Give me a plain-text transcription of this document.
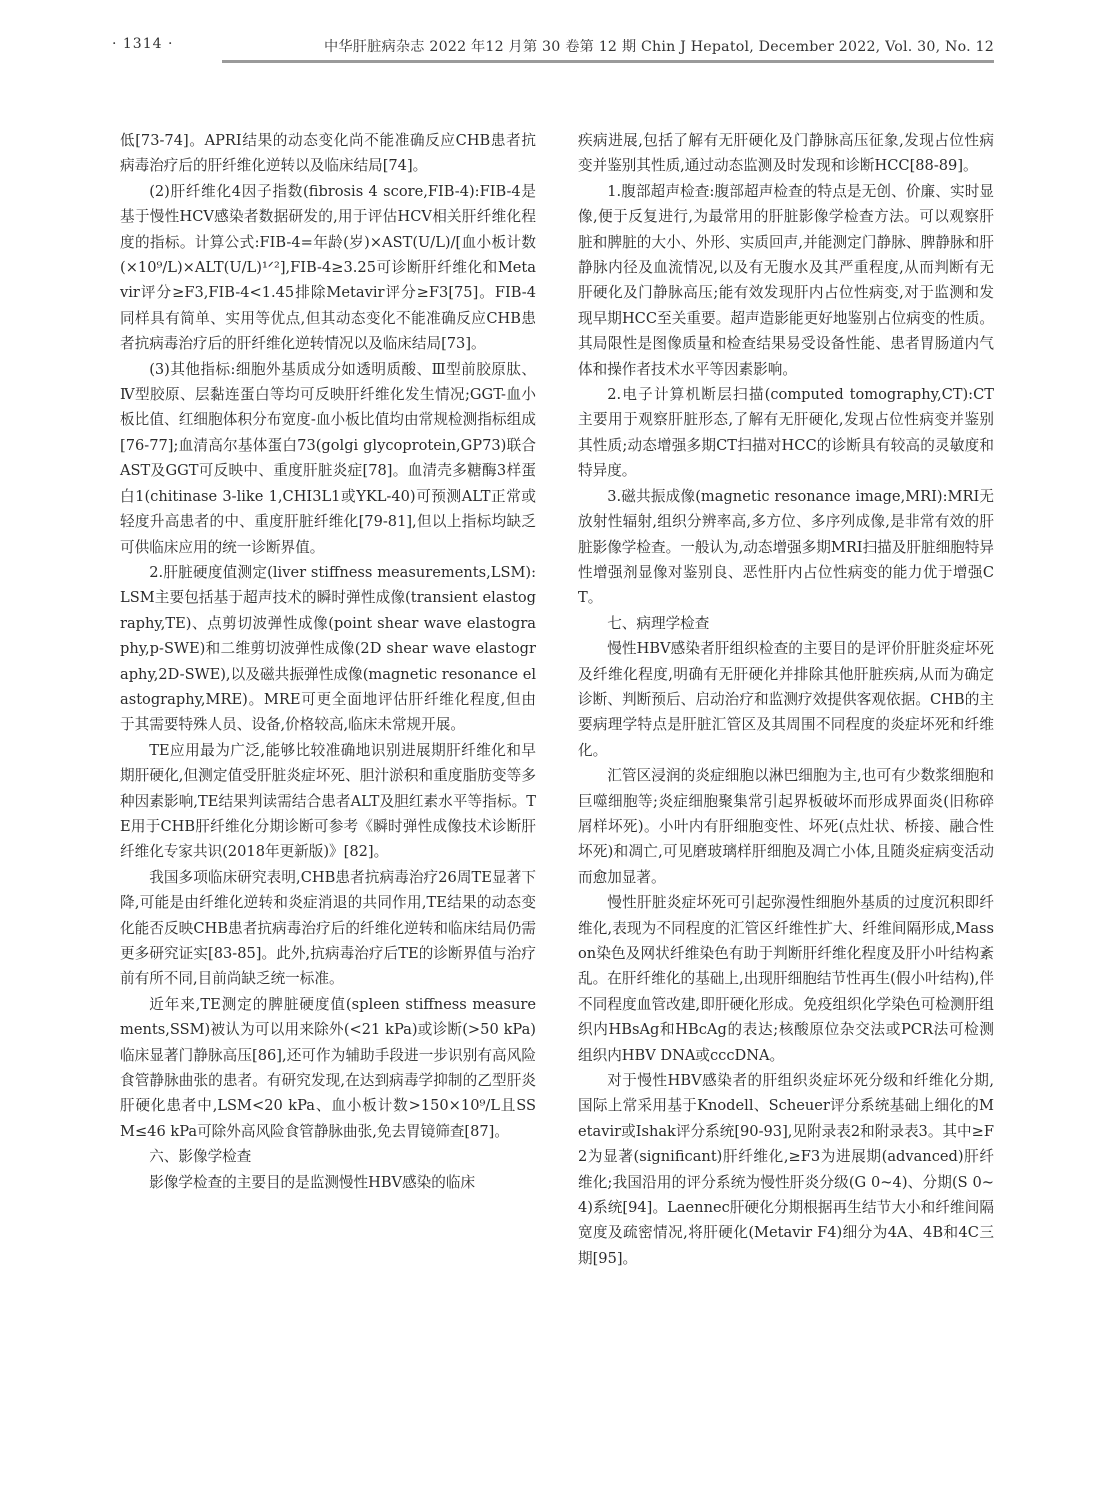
· 1314 ·	中华肝脏病杂志 2022 年12 月第 30 卷第 12 期 Chin J Hepatol, December 2022, Vol. 30, No. 12

低[73-74]。APRI结果的动态变化尚不能准确反应CHB患者抗病毒治疗后的肝纤维化逆转以及临床结局[74]。

(2)肝纤维化4因子指数(fibrosis 4 score,FIB-4):FIB-4是基于慢性HCV感染者数据研发的,用于评估HCV相关肝纤维化程度的指标。计算公式:FIB-4=年龄(岁)×AST(U/L)/[血小板计数(×10⁹/L)×ALT(U/L)¹ᐟ²],FIB-4≥3.25可诊断肝纤维化和Metavir评分≥F3,FIB-4<1.45排除Metavir评分≥F3[75]。FIB-4同样具有简单、实用等优点,但其动态变化不能准确反应CHB患者抗病毒治疗后的肝纤维化逆转情况以及临床结局[73]。

(3)其他指标:细胞外基质成分如透明质酸、Ⅲ型前胶原肽、Ⅳ型胶原、层黏连蛋白等均可反映肝纤维化发生情况;GGT-血小板比值、红细胞体积分布宽度-血小板比值均由常规检测指标组成[76-77];血清高尔基体蛋白73(golgi glycoprotein,GP73)联合AST及GGT可反映中、重度肝脏炎症[78]。血清壳多糖酶3样蛋白1(chitinase 3-like 1,CHI3L1或YKL-40)可预测ALT正常或轻度升高患者的中、重度肝脏纤维化[79-81],但以上指标均缺乏可供临床应用的统一诊断界值。

2.肝脏硬度值测定(liver stiffness measurements,LSM):LSM主要包括基于超声技术的瞬时弹性成像(transient elastography,TE)、点剪切波弹性成像(point shear wave elastography,p-SWE)和二维剪切波弹性成像(2D shear wave elastography,2D-SWE),以及磁共振弹性成像(magnetic resonance elastography,MRE)。MRE可更全面地评估肝纤维化程度,但由于其需要特殊人员、设备,价格较高,临床未常规开展。

TE应用最为广泛,能够比较准确地识别进展期肝纤维化和早期肝硬化,但测定值受肝脏炎症坏死、胆汁淤积和重度脂肪变等多种因素影响,TE结果判读需结合患者ALT及胆红素水平等指标。TE用于CHB肝纤维化分期诊断可参考《瞬时弹性成像技术诊断肝纤维化专家共识(2018年更新版)》[82]。

我国多项临床研究表明,CHB患者抗病毒治疗26周TE显著下降,可能是由纤维化逆转和炎症消退的共同作用,TE结果的动态变化能否反映CHB患者抗病毒治疗后的纤维化逆转和临床结局仍需更多研究证实[83-85]。此外,抗病毒治疗后TE的诊断界值与治疗前有所不同,目前尚缺乏统一标准。

近年来,TE测定的脾脏硬度值(spleen stiffness measurements,SSM)被认为可以用来除外(<21 kPa)或诊断(>50 kPa)临床显著门静脉高压[86],还可作为辅助手段进一步识别有高风险食管静脉曲张的患者。有研究发现,在达到病毒学抑制的乙型肝炎肝硬化患者中,LSM<20 kPa、血小板计数>150×10⁹/L且SSM≤46 kPa可除外高风险食管静脉曲张,免去胃镜筛查[87]。

六、影像学检查

影像学检查的主要目的是监测慢性HBV感染的临床

疾病进展,包括了解有无肝硬化及门静脉高压征象,发现占位性病变并鉴别其性质,通过动态监测及时发现和诊断HCC[88-89]。

1.腹部超声检查:腹部超声检查的特点是无创、价廉、实时显像,便于反复进行,为最常用的肝脏影像学检查方法。可以观察肝脏和脾脏的大小、外形、实质回声,并能测定门静脉、脾静脉和肝静脉内径及血流情况,以及有无腹水及其严重程度,从而判断有无肝硬化及门静脉高压;能有效发现肝内占位性病变,对于监测和发现早期HCC至关重要。超声造影能更好地鉴别占位病变的性质。其局限性是图像质量和检查结果易受设备性能、患者胃肠道内气体和操作者技术水平等因素影响。

2.电子计算机断层扫描(computed tomography,CT):CT主要用于观察肝脏形态,了解有无肝硬化,发现占位性病变并鉴别其性质;动态增强多期CT扫描对HCC的诊断具有较高的灵敏度和特异度。

3.磁共振成像(magnetic resonance image,MRI):MRI无放射性辐射,组织分辨率高,多方位、多序列成像,是非常有效的肝脏影像学检查。一般认为,动态增强多期MRI扫描及肝脏细胞特异性增强剂显像对鉴别良、恶性肝内占位性病变的能力优于增强CT。

七、病理学检查

慢性HBV感染者肝组织检查的主要目的是评价肝脏炎症坏死及纤维化程度,明确有无肝硬化并排除其他肝脏疾病,从而为确定诊断、判断预后、启动治疗和监测疗效提供客观依据。CHB的主要病理学特点是肝脏汇管区及其周围不同程度的炎症坏死和纤维化。

汇管区浸润的炎症细胞以淋巴细胞为主,也可有少数浆细胞和巨噬细胞等;炎症细胞聚集常引起界板破坏而形成界面炎(旧称碎屑样坏死)。小叶内有肝细胞变性、坏死(点灶状、桥接、融合性坏死)和凋亡,可见磨玻璃样肝细胞及凋亡小体,且随炎症病变活动而愈加显著。

慢性肝脏炎症坏死可引起弥漫性细胞外基质的过度沉积即纤维化,表现为不同程度的汇管区纤维性扩大、纤维间隔形成,Masson染色及网状纤维染色有助于判断肝纤维化程度及肝小叶结构紊乱。在肝纤维化的基础上,出现肝细胞结节性再生(假小叶结构),伴不同程度血管改建,即肝硬化形成。免疫组织化学染色可检测肝组织内HBsAg和HBcAg的表达;核酸原位杂交法或PCR法可检测组织内HBV DNA或cccDNA。

对于慢性HBV感染者的肝组织炎症坏死分级和纤维化分期,国际上常采用基于Knodell、Scheuer评分系统基础上细化的Metavir或Ishak评分系统[90-93],见附录表2和附录表3。其中≥F2为显著(significant)肝纤维化,≥F3为进展期(advanced)肝纤维化;我国沿用的评分系统为慢性肝炎分级(G 0~4)、分期(S 0~4)系统[94]。Laennec肝硬化分期根据再生结节大小和纤维间隔宽度及疏密情况,将肝硬化(Metavir F4)细分为4A、4B和4C三期[95]。
